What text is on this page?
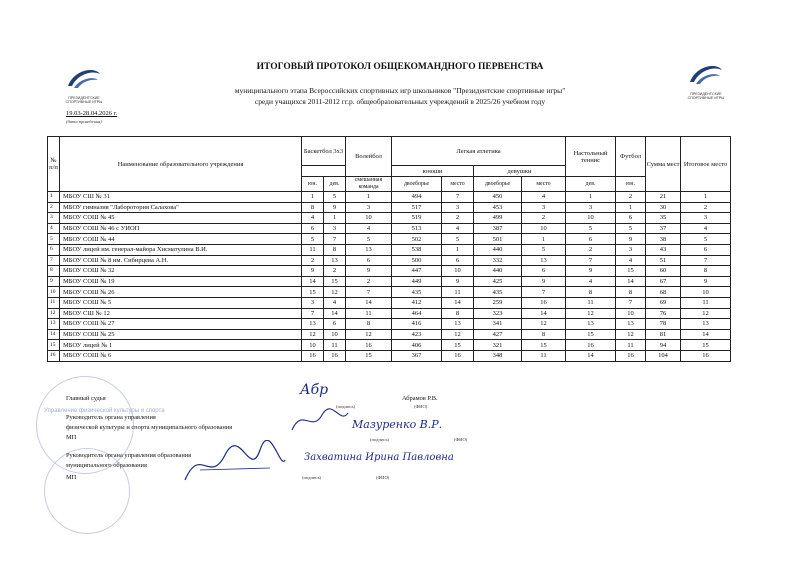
ПРЕЗИДЕНТСКИЕ СПОРТИВНЫЕ ИГРЫ
ПРЕЗИДЕНТСКИЕ СПОРТИВНЫЕ ИГРЫ
ИТОГОВЫЙ ПРОТОКОЛ ОБЩЕКОМАНДНОГО ПЕРВЕНСТВА
муниципального этапа Всероссийских спортивных игр школьников "Президентские спортивные игры"
среди учащихся 2011-2012 гг.р. общеобразовательных учреждений в 2025/26 учебном году
19.03-28.04.2026 г.
(дата проведения)
№ п/п	Наименование образовательного учреждения	Баскетбол 3х3		Волейбол	Легкая атлетика				Настольный теннис	Футбол	Сумма мест	Итоговое место
					юноши		девушки					
		юн.	дев.	смешанная команда	двоеборье	место	двоеборье	место	дев.	юн.		
1	МБОУ СШ № 31	1	5	1	494	7	450	4	1	2	21	1
2	МБОУ гимназия "Лаборотория Салахова"	8	9	3	517	3	453	3	3	1	30	2
3	МБОУ СОШ № 45	4	1	10	519	2	499	2	10	6	35	3
4	МБОУ СОШ № 46 с УИОП	6	3	4	513	4	387	10	5	5	37	4
5	МБОУ СОШ № 44	5	7	5	502	5	501	1	6	9	38	5
6	МБОУ лицей им. генерал-майора Хисматулина В.И.	11	8	13	538	1	440	5	2	3	43	6
7	МБОУ СОШ № 8 им. Сибирцева А.Н.	2	13	6	500	6	332	13	7	4	51	7
8	МБОУ СОШ № 32	9	2	9	447	10	440	6	9	15	60	8
9	МБОУ СОШ № 19	14	15	2	449	9	425	9	4	14	67	9
10	МБОУ СОШ № 26	15	12	7	435	11	435	7	8	8	68	10
11	МБОУ СОШ № 5	3	4	14	412	14	259	16	11	7	69	11
12	МБОУ СШ № 12	7	14	11	464	8	323	14	12	10	76	12
13	МБОУ СОШ № 27	13	6	8	416	13	341	12	13	13	78	13
14	МБОУ СОШ № 25	12	10	12	423	12	427	8	15	12	81	14
15	МБОУ лицей № 1	10	11	16	406	15	321	15	16	11	94	15
16	МБОУ СОШ № 6	16	16	15	367	16	348	11	14	16	104	16
Главный судья
Абр
Абрамов Р.В.
(подпись)	(ФИО)
Управление физической культуры и спорта
Руководитель органа управления
физической культуры и спорта муниципального образования
МП
Мазуренко В.Р.
(подпись)	(ФИО)
Руководитель органа управления образования
муниципального образования
МП
Захватина Ирина Павловна
(подпись)	(ФИО)
